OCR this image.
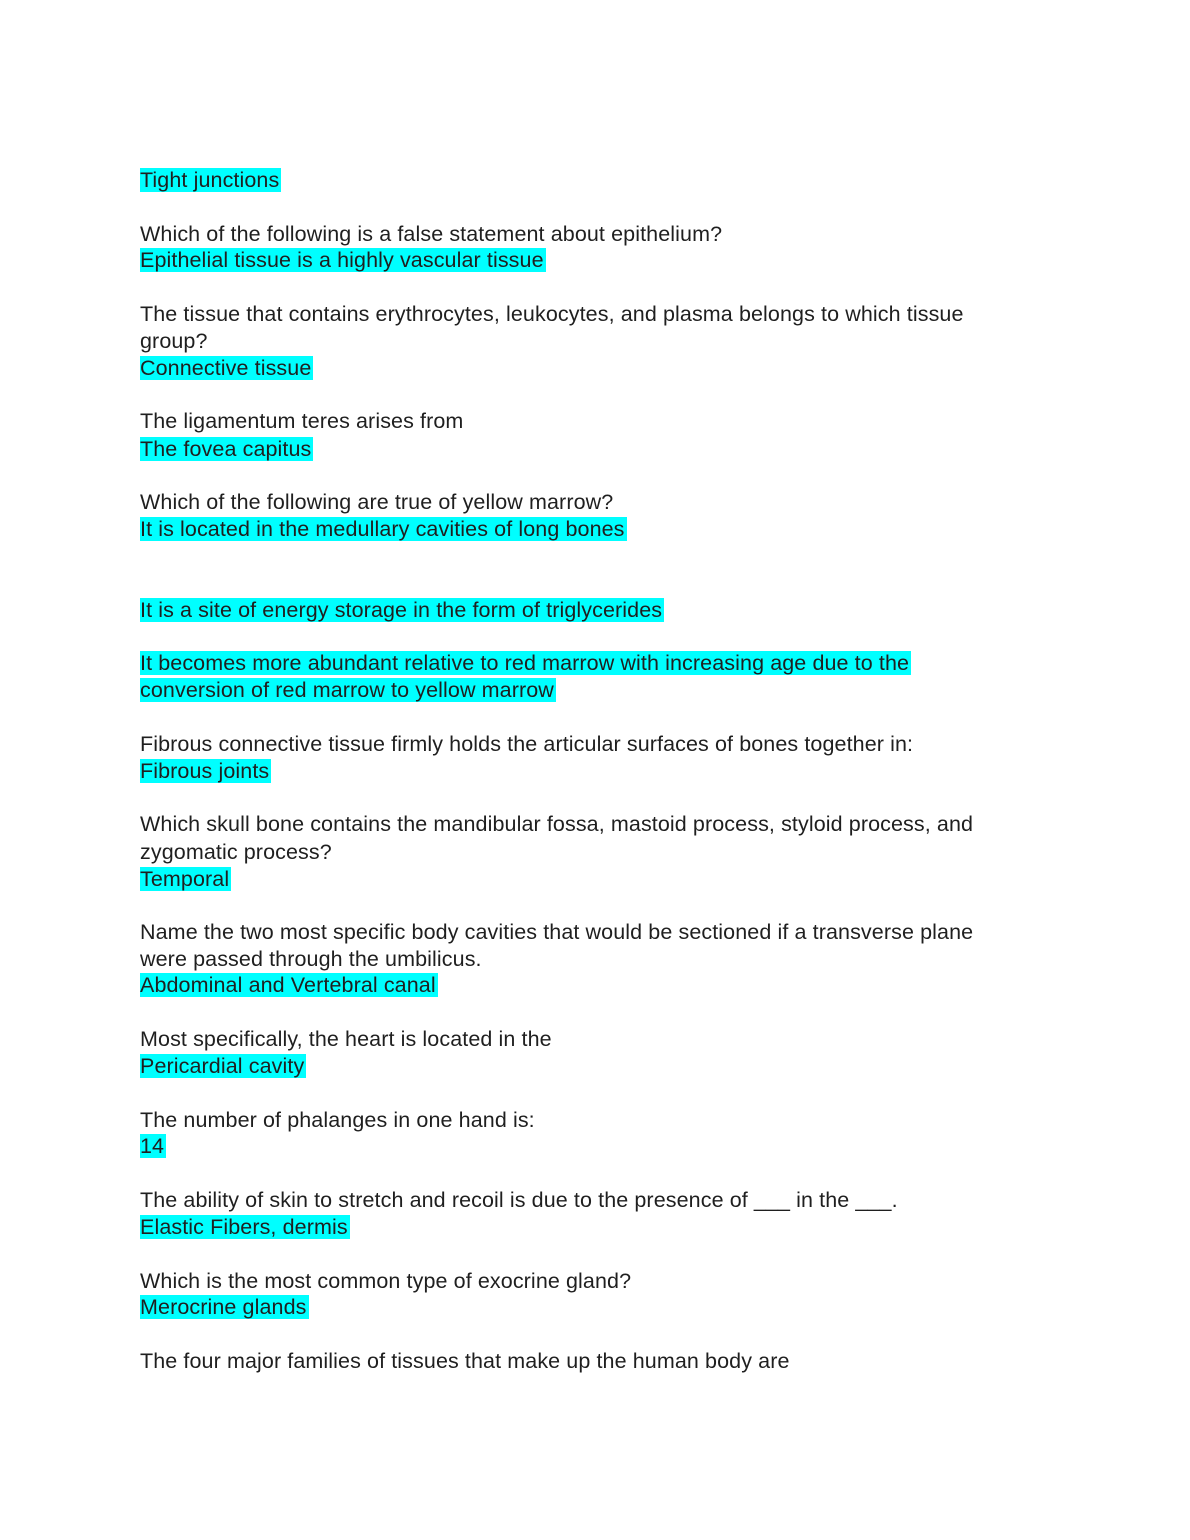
Tight junctions
Which of the following is a false statement about epithelium?
Epithelial tissue is a highly vascular tissue
The tissue that contains erythrocytes, leukocytes, and plasma belongs to which tissue
group?
Connective tissue
The ligamentum teres arises from
The fovea capitus
Which of the following are true of yellow marrow?
It is located in the medullary cavities of long bones
It is a site of energy storage in the form of triglycerides
It becomes more abundant relative to red marrow with increasing age due to the
conversion of red marrow to yellow marrow
Fibrous connective tissue firmly holds the articular surfaces of bones together in:
Fibrous joints
Which skull bone contains the mandibular fossa, mastoid process, styloid process, and
zygomatic process?
Temporal
Name the two most specific body cavities that would be sectioned if a transverse plane
were passed through the umbilicus.
Abdominal and Vertebral canal
Most specifically, the heart is located in the
Pericardial cavity
The number of phalanges in one hand is:
14
The ability of skin to stretch and recoil is due to the presence of ___ in the ___.
Elastic Fibers, dermis
Which is the most common type of exocrine gland?
Merocrine glands
The four major families of tissues that make up the human body are
